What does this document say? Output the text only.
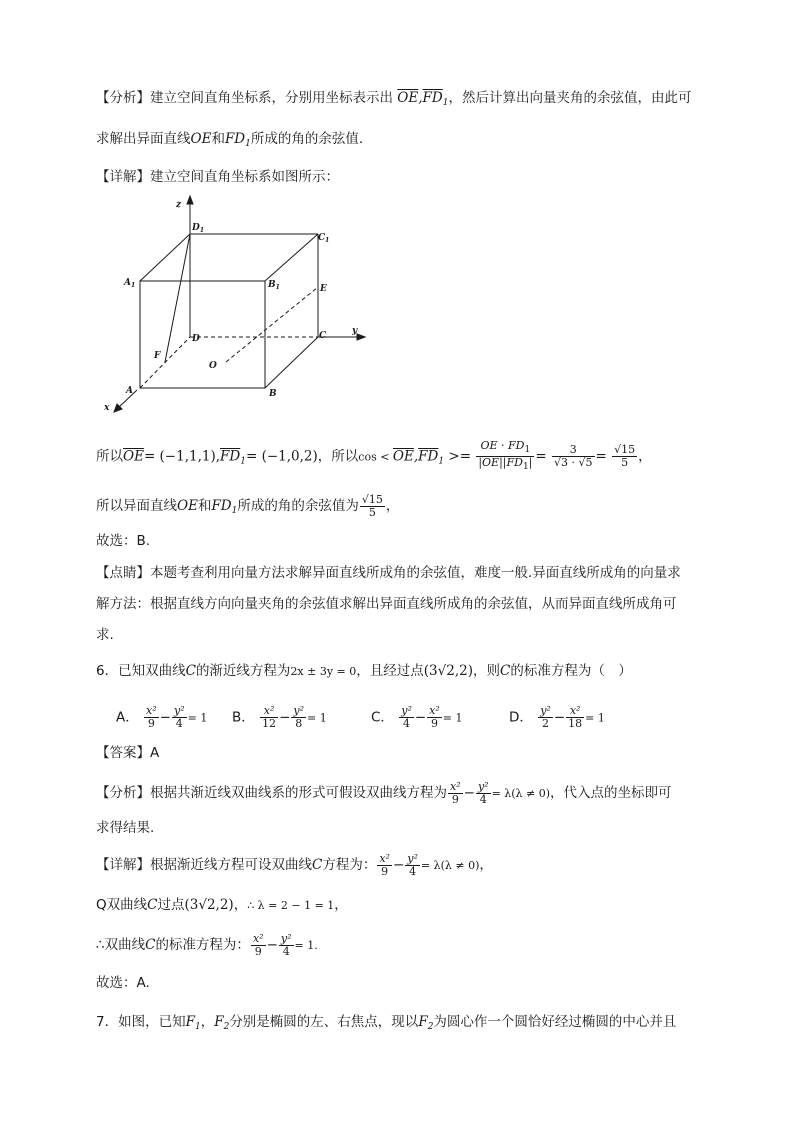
【分析】建立空间直角坐标系，分别用坐标表示出 $\overline{OE},\overline{FD}_1$，然后计算出向量夹角的余弦值，由此可
求解出异面直线OE和$FD_1$所成的角的余弦值.
【详解】建立空间直角坐标系如图所示：
z
y
x
$D_1$
$C_1$
$A_1$	$B_1$	E
D	C
F
O
A	B
所以$\overline{OE}= (-1,1,1),\overline{FD}_1= (-1,0,2)$，所以$\cos < \overline{OE},\overline{FD}_1 >= \frac{OE \cdot FD_1}{|OE||FD_1|} = \frac{3}{√3 \cdot √5} = \frac{√15}{5}$ ，
所以异面直线OE和$FD_1$所成的角的余弦值为 $\frac{√15}{5}$ ，
故选：B.
【点睛】本题考查利用向量方法求解异面直线所成角的余弦值，难度一般.异面直线所成角的向量求
解方法：根据直线方向向量夹角的余弦值求解出异面直线所成角的余弦值，从而异面直线所成角可
求.
6．已知双曲线C的渐近线方程为2x ± 3y = 0，且经过点(3√2,2)，则C的标准方程为（　）
A． $\frac{\text{x²}}{9} - \frac{\text{y²}}{4} = 1$ B． $\frac{\text{x²}}{12} - \frac{\text{y²}}{8} = 1$	C． $\frac{\text{y²}}{4} - \frac{\text{x²}}{9} = 1$	D． $\frac{\text{y²}}{2} - \frac{\text{x²}}{18} = 1$
【答案】A
【分析】根据共渐近线双曲线系的形式可假设双曲线方程为 $\frac{\text{x²}}{9} - \frac{\text{y²}}{4} = \lambda(\lambda \ne 0)$，代入点的坐标即可
求得结果.
【详解】根据渐近线方程可设双曲线C方程为： $\frac{\text{x²}}{9} - \frac{\text{y²}}{4} = \lambda(\lambda \ne 0)$，
Q双曲线C过点(3√2,2)，∴ λ = 2 − 1 = 1，
∴双曲线C的标准方程为： $\frac{\text{x²}}{9} - \frac{\text{y²}}{4} = 1$.
故选：A.
7．如图，已知$F_1$，$F_2$分别是椭圆的左、右焦点，现以$F_2$为圆心作一个圆恰好经过椭圆的中心并且
